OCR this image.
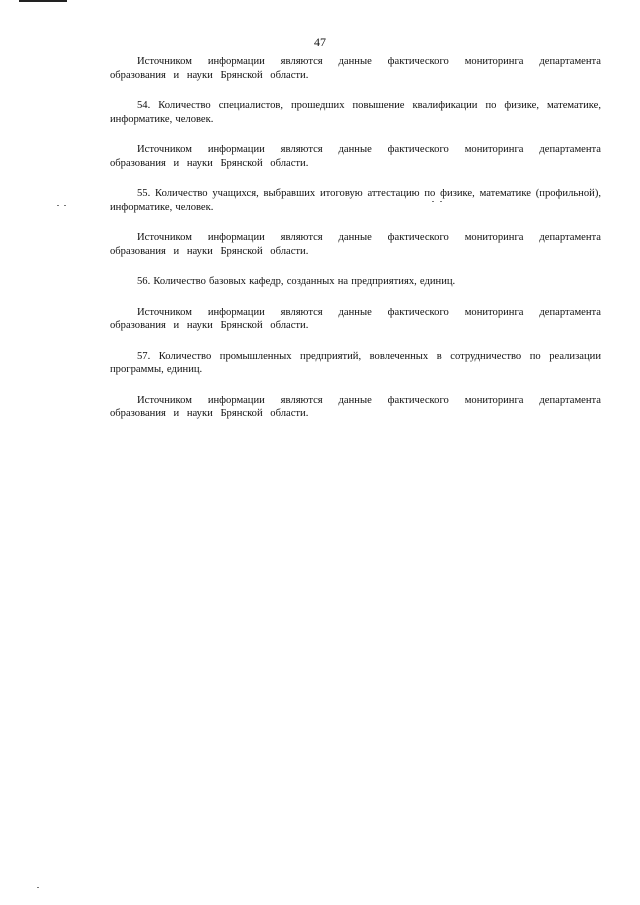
47

Источником информации являются данные фактического мониторинга департамента образования и науки Брянской области.

54. Количество специалистов, прошедших повышение квалификации по физике, математике, информатике, человек.

Источником информации являются данные фактического мониторинга департамента образования и науки Брянской области.

55. Количество учащихся, выбравших итоговую аттестацию по физике, математике (профильной), информатике, человек.

Источником информации являются данные фактического мониторинга департамента образования и науки Брянской области.

56. Количество базовых кафедр, созданных на предприятиях, единиц.

Источником информации являются данные фактического мониторинга департамента образования и науки Брянской области.

57. Количество промышленных предприятий, вовлеченных в сотрудничество по реализации программы, единиц.

Источником информации являются данные фактического мониторинга департамента образования и науки Брянской области.
